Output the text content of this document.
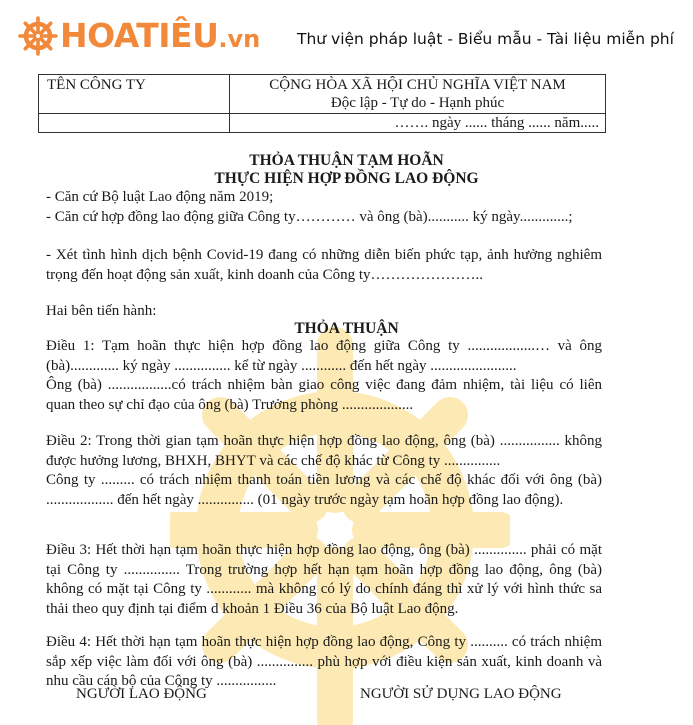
HOATIÊU .vn Thư viện pháp luật - Biểu mẫu - Tài liệu miễn phí
TÊN CÔNG TY	CỘNG HÒA XÃ HỘI CHỦ NGHĨA VIỆT NAM
Độc lập - Tự do - Hạnh phúc

	……. ngày ...... tháng ...... năm.....
THỎA THUẬN TẠM HOÃN
THỰC HIỆN HỢP ĐỒNG LAO ĐỘNG
- Căn cứ Bộ luật Lao động năm 2019;
- Căn cứ hợp đồng lao động giữa Công ty………… và ông (bà)........... ký ngày.............;
- Xét tình hình dịch bệnh Covid-19 đang có những diễn biến phức tạp, ảnh hưởng nghiêm trọng đến hoạt động sản xuất, kinh doanh của Công ty…………………..
Hai bên tiến hành:
THỎA THUẬN
Điều 1: Tạm hoãn thực hiện hợp đồng lao động giữa Công ty ..................… và ông (bà)............. ký ngày ............... kể từ ngày ............ đến hết ngày .......................
Ông (bà) .................có trách nhiệm bàn giao công việc đang đảm nhiệm, tài liệu có liên quan theo sự chỉ đạo của ông (bà) Trưởng phòng ...................
Điều 2: Trong thời gian tạm hoãn thực hiện hợp đồng lao động, ông (bà) ................ không được hưởng lương, BHXH, BHYT và các chế độ khác từ Công ty ...............
Công ty ......... có trách nhiệm thanh toán tiền lương và các chế độ khác đối với ông (bà) .................. đến hết ngày ............... (01 ngày trước ngày tạm hoãn hợp đồng lao động).
Điều 3: Hết thời hạn tạm hoãn thực hiện hợp đồng lao động, ông (bà) .............. phải có mặt tại Công ty ............... Trong trường hợp hết hạn tạm hoãn hợp đồng lao động, ông (bà) không có mặt tại Công ty ............ mà không có lý do chính đáng thì xử lý với hình thức sa thải theo quy định tại điểm d khoản 1 Điều 36 của Bộ luật Lao động.
Điều 4: Hết thời hạn tạm hoãn thực hiện hợp đồng lao động, Công ty .......... có trách nhiệm sắp xếp việc làm đối với ông (bà) ............... phù hợp với điều kiện sản xuất, kinh doanh và nhu cầu cán bộ của Công ty ................
NGƯỜI LAO ĐỘNG	NGƯỜI SỬ DỤNG LAO ĐỘNG
